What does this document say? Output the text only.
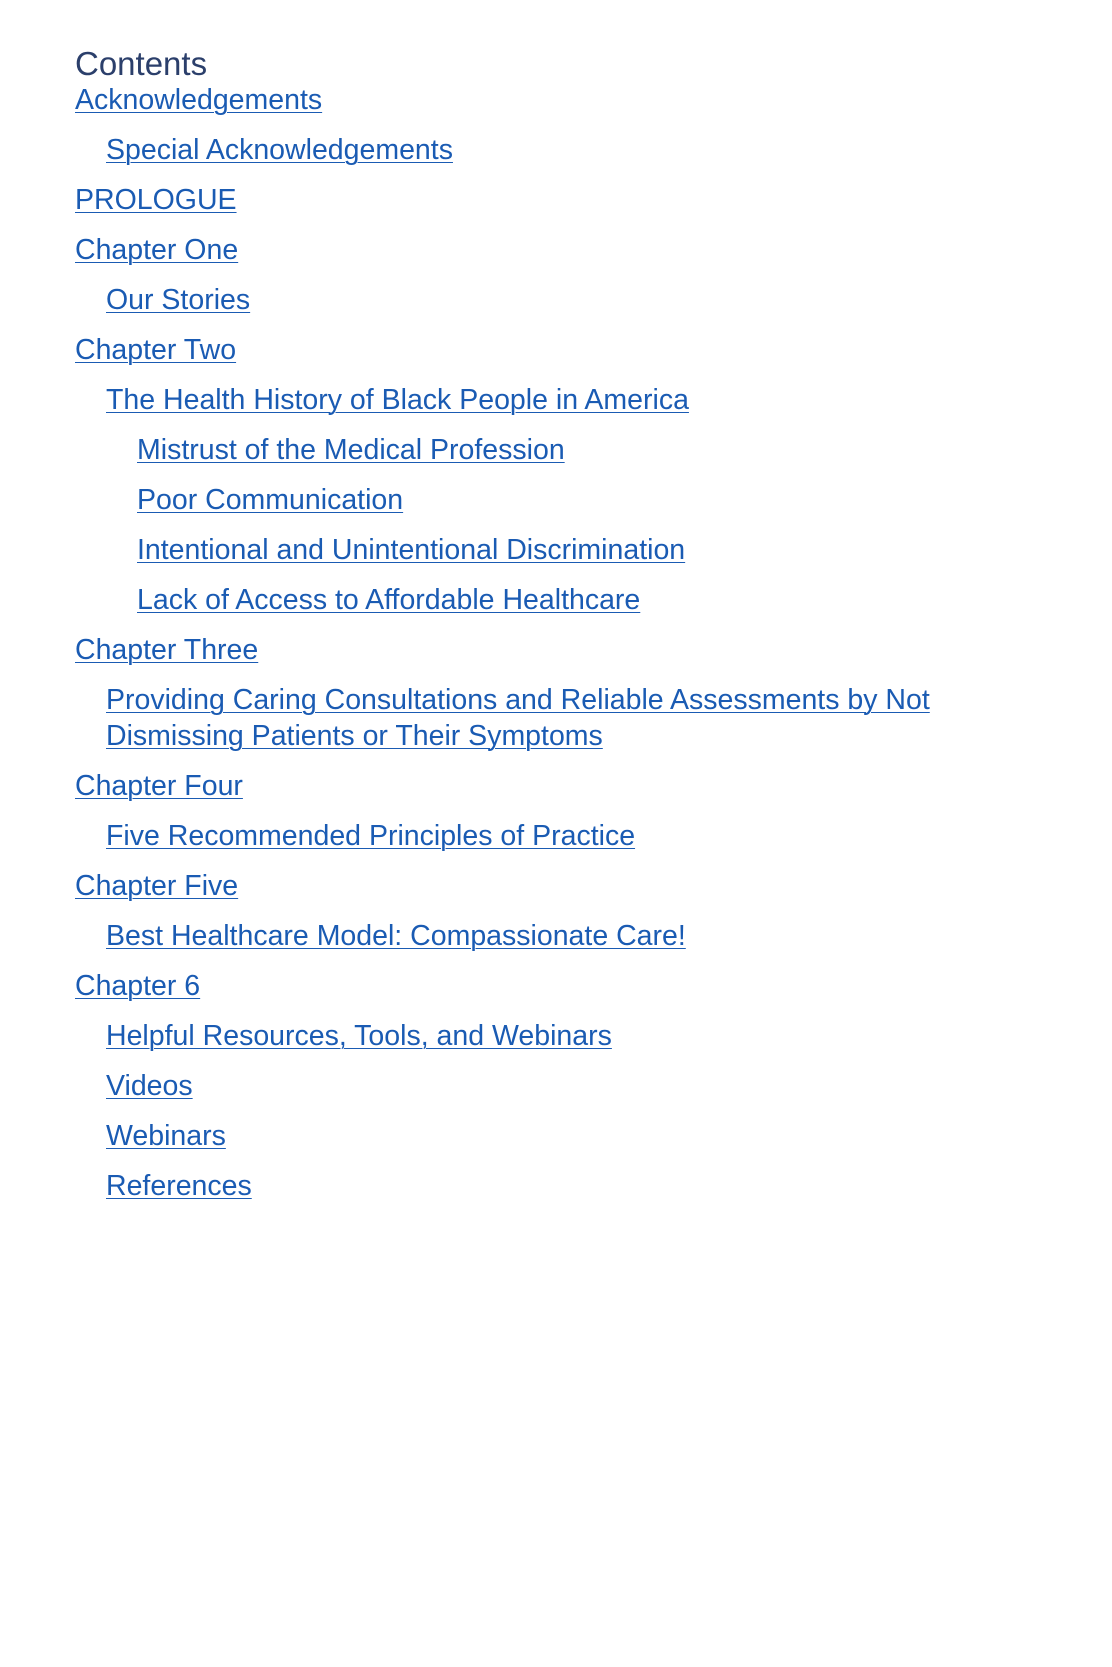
Contents
Acknowledgements
Special Acknowledgements
PROLOGUE
Chapter One
Our Stories
Chapter Two
The Health History of Black People in America
Mistrust of the Medical Profession
Poor Communication
Intentional and Unintentional Discrimination
Lack of Access to Affordable Healthcare
Chapter Three
Providing Caring Consultations and Reliable Assessments by Not Dismissing Patients or Their Symptoms
Chapter Four
Five Recommended Principles of Practice
Chapter Five
Best Healthcare Model: Compassionate Care!
Chapter 6
Helpful Resources, Tools, and Webinars
Videos
Webinars
References
